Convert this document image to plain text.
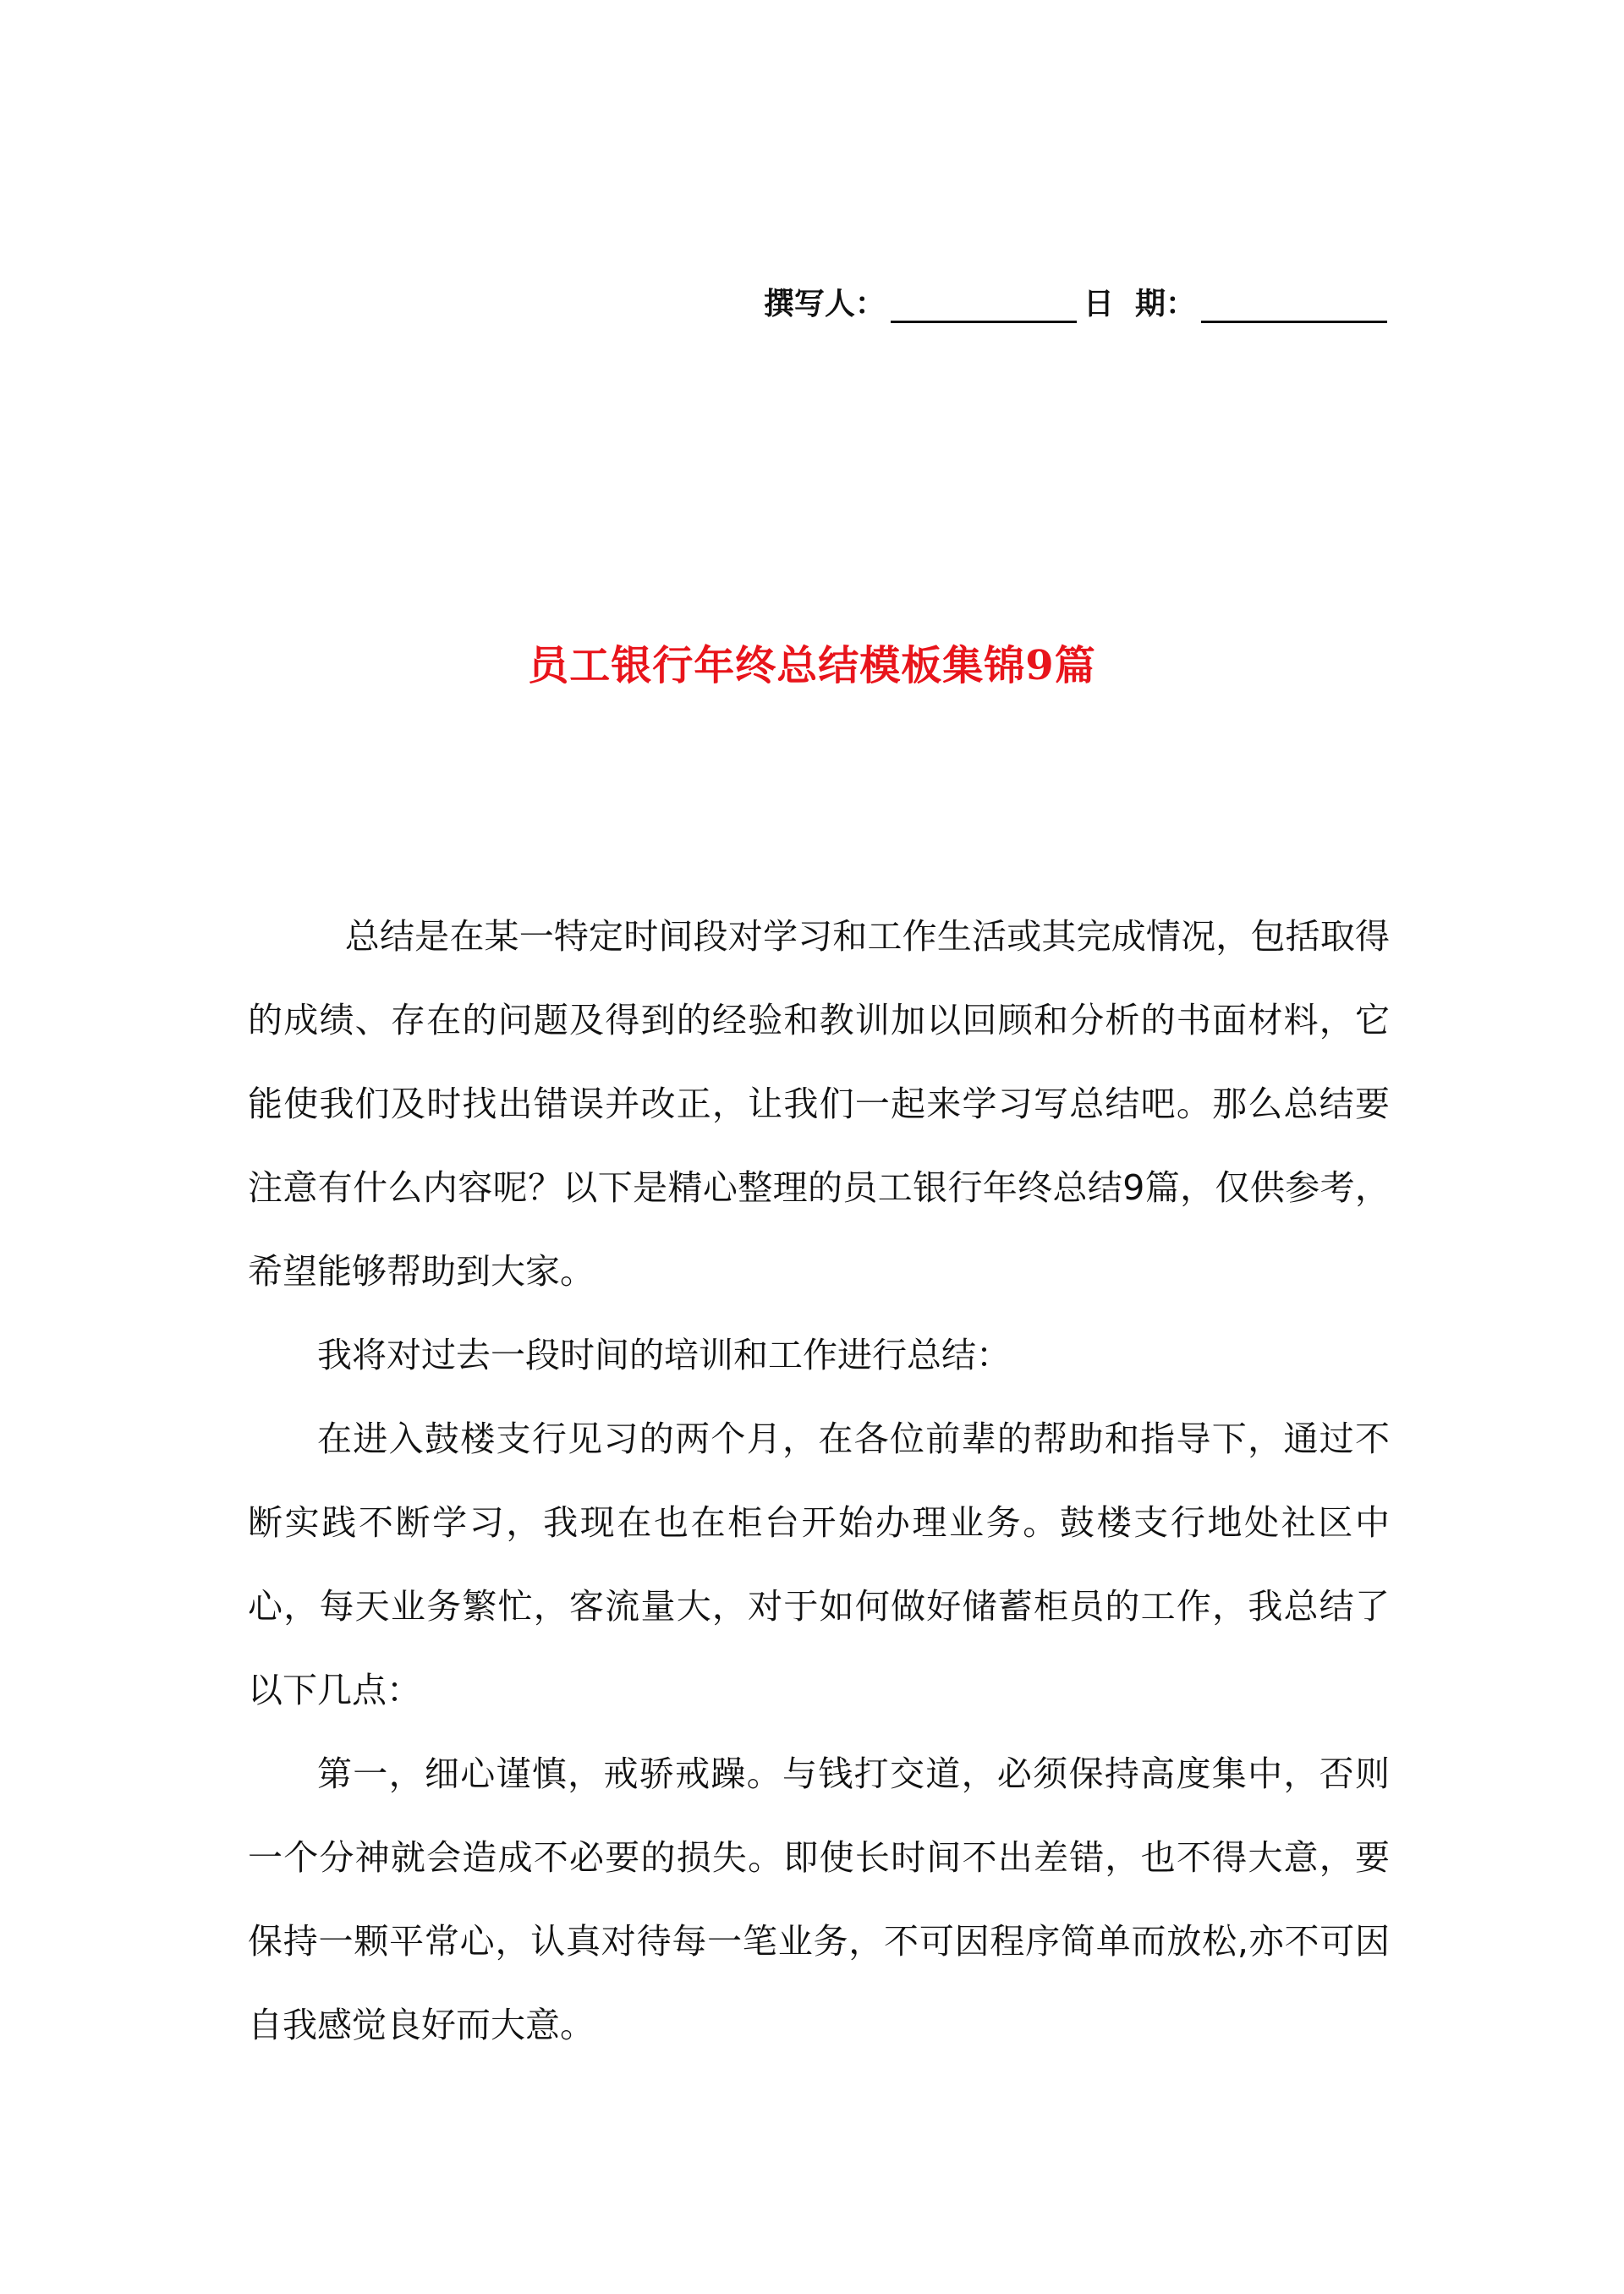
撰写人：	日  期：
员工银行年终总结模板集锦9篇

总结是在某一特定时间段对学习和工作生活或其完成情况，包括取得的成绩、存在的问题及得到的经验和教训加以回顾和分析的书面材料，它能使我们及时找出错误并改正，让我们一起来学习写总结吧。那么总结要注意有什么内容呢？以下是精心整理的员工银行年终总结9篇，仅供参考，希望能够帮助到大家。

我将对过去一段时间的培训和工作进行总结：

在进入鼓楼支行见习的两个月，在各位前辈的帮助和指导下，通过不断实践不断学习，我现在也在柜台开始办理业务。鼓楼支行地处社区中心，每天业务繁忙，客流量大，对于如何做好储蓄柜员的工作，我总结了以下几点：

第一，细心谨慎，戒骄戒躁。与钱打交道，必须保持高度集中，否则一个分神就会造成不必要的损失。即使长时间不出差错，也不得大意，要保持一颗平常心，认真对待每一笔业务，不可因程序简单而放松,亦不可因自我感觉良好而大意。
